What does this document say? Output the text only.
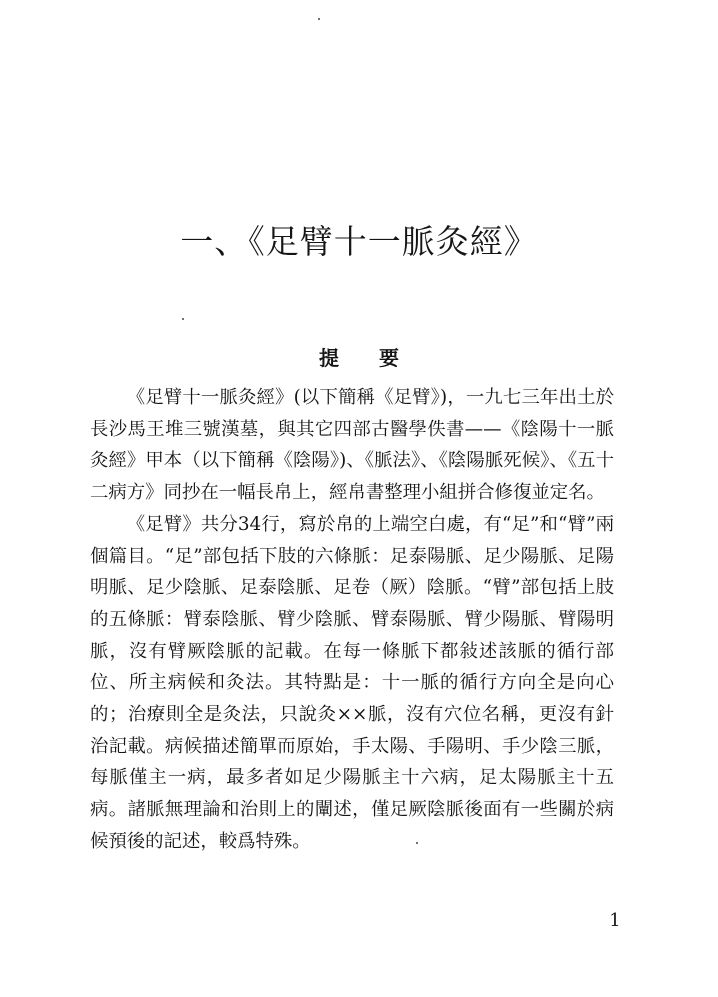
一、《足臂十一脈灸經》
提 要

《足臂十一脈灸經》(以下簡稱《足臂》)，一九七三年出土於長沙馬王堆三號漢墓，與其它四部古醫學佚書——《陰陽十一脈灸經》甲本（以下簡稱《陰陽》)、《脈法》、《陰陽脈死候》、《五十二病方》同抄在一幅長帛上，經帛書整理小組拼合修復並定名。

《足臂》共分34行，寫於帛的上端空白處，有“足”和“臂”兩個篇目。“足”部包括下肢的六條脈：足泰陽脈、足少陽脈、足陽明脈、足少陰脈、足泰陰脈、足卷（厥）陰脈。“臂”部包括上肢的五條脈：臂泰陰脈、臂少陰脈、臂泰陽脈、臂少陽脈、臂陽明脈，沒有臂厥陰脈的記載。在每一條脈下都敍述該脈的循行部位、所主病候和灸法。其特點是：十一脈的循行方向全是向心的；治療則全是灸法，只說灸××脈，沒有穴位名稱，更沒有針治記載。病候描述簡單而原始，手太陽、手陽明、手少陰三脈，每脈僅主一病，最多者如足少陽脈主十六病，足太陽脈主十五病。諸脈無理論和治則上的闡述，僅足厥陰脈後面有一些關於病候預後的記述，較爲特殊。

1
